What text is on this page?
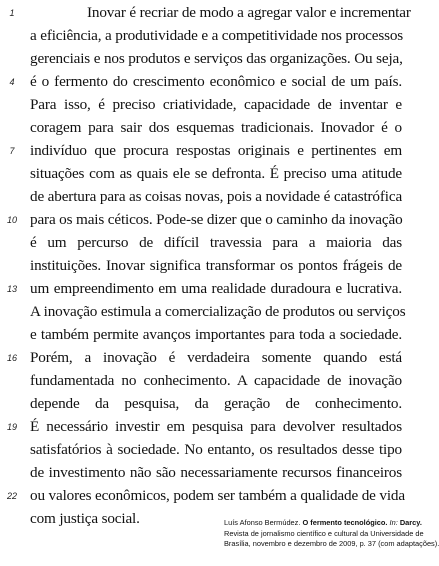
1	Inovar é recriar de modo a agregar valor e incrementar
a eficiência, a produtividade e a competitividade nos processos
gerenciais e nos produtos e serviços das organizações. Ou seja,
4	é o fermento do crescimento econômico e social de um país.
Para isso, é preciso criatividade, capacidade de inventar e
coragem para sair dos esquemas tradicionais. Inovador é o
7	indivíduo que procura respostas originais e pertinentes em
situações com as quais ele se defronta. É preciso uma atitude
de abertura para as coisas novas, pois a novidade é catastrófica
10 para os mais céticos. Pode-se dizer que o caminho da inovação
é um percurso de difícil travessia para a maioria das
instituições. Inovar significa transformar os pontos frágeis de
13 um empreendimento em uma realidade duradoura e lucrativa.
A inovação estimula a comercialização de produtos ou serviços
e também permite avanços importantes para toda a sociedade.
16 Porém, a inovação é verdadeira somente quando está
fundamentada no conhecimento. A capacidade de inovação
depende da pesquisa, da geração de conhecimento.
19 É necessário investir em pesquisa para devolver resultados
satisfatórios à sociedade. No entanto, os resultados desse tipo
de investimento não são necessariamente recursos financeiros
22 ou valores econômicos, podem ser também a qualidade de vida
com justiça social.	Luís Afonso Bermúdez. O fermento tecnológico. In: Darcy.
Revista de jornalismo científico e cultural da Universidade de
Brasília, novembro e dezembro de 2009, p. 37 (com adaptações).
